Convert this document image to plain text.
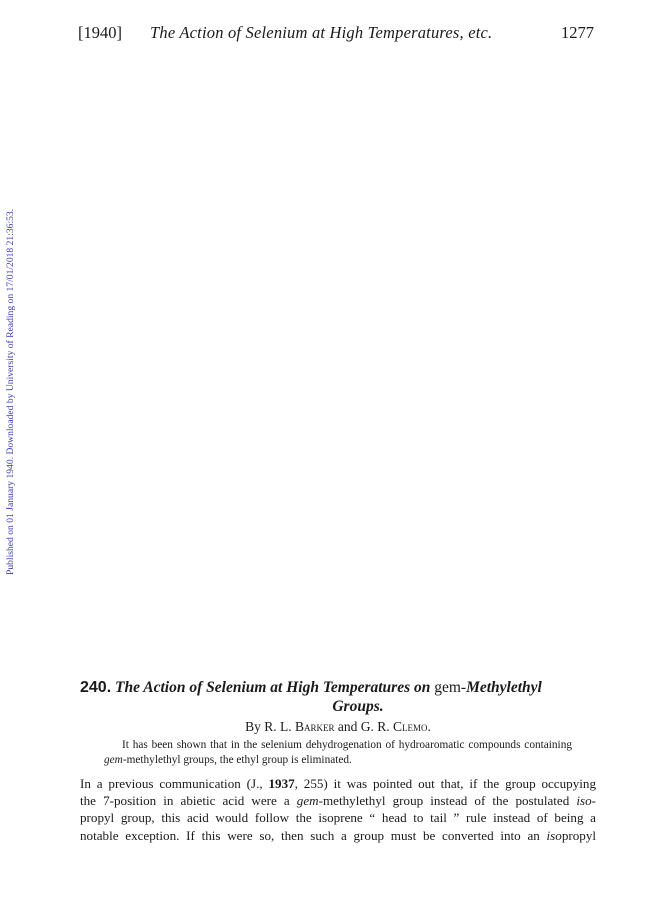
[1940] The Action of Selenium at High Temperatures, etc.	1277
Published on 01 January 1940. Downloaded by University of Reading on 17/01/2018 21:36:53.
240. The Action of Selenium at High Temperatures on gem-Methylethyl
Groups.
By R. L. Barker and G. R. Clemo.

It has been shown that in the selenium dehydrogenation of hydroaromatic compounds containing gem-methylethyl groups, the ethyl group is eliminated.

In a previous communication (J., 1937, 255) it was pointed out that, if the group occupying
the 7-position in abietic acid were a gem-methylethyl group instead of the postulated iso-
propyl group, this acid would follow the isoprene “ head to tail ” rule instead of being a
notable exception. If this were so, then such a group must be converted into an isopropyl
